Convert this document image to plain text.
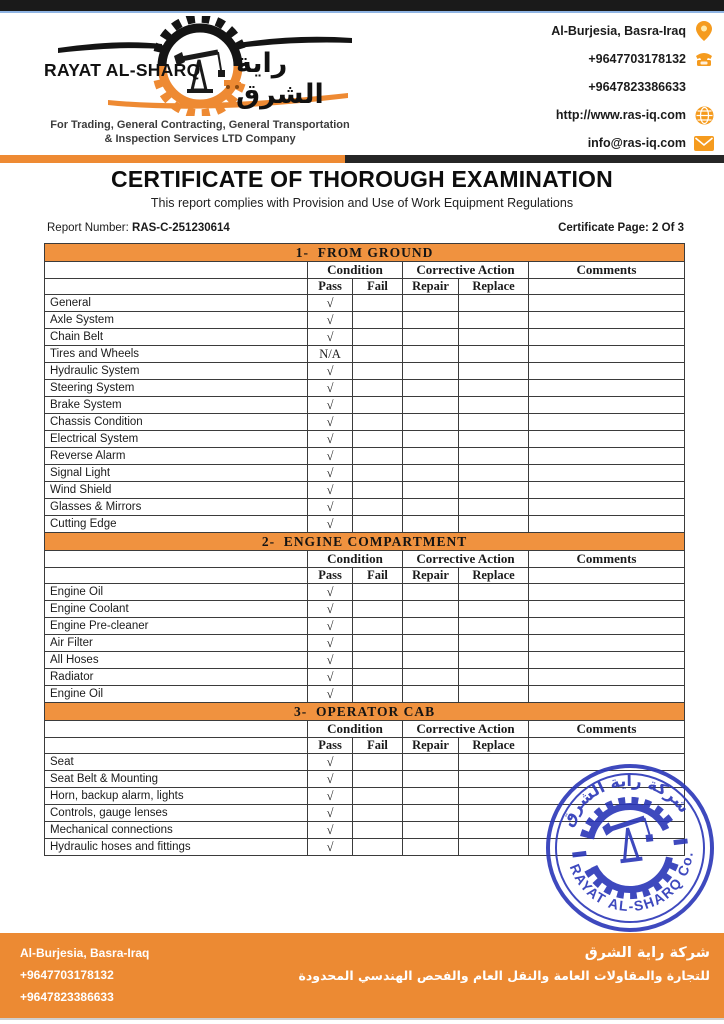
RAYAT AL-SHARQ راية الشرق
For Trading, General Contracting, General Transportation
& Inspection Services LTD Company
Al-Burjesia, Basra-Iraq
+9647703178132
+9647823386633
http://www.ras-iq.com
info@ras-iq.com
CERTIFICATE OF THOROUGH EXAMINATION
This report complies with Provision and Use of Work Equipment Regulations
Report Number: RAS-C-251230614	Certificate Page: 2 Of 3
1-  FROM GROUND					
	Condition		Corrective Action		Comments
	Pass	Fail	Repair	Replace	
General	√				
Axle System	√				
Chain Belt	√				
Tires and Wheels	N/A				
Hydraulic System	√				
Steering System	√				
Brake System	√				
Chassis Condition	√				
Electrical System	√				
Reverse Alarm	√				
Signal Light	√				
Wind Shield	√				
Glasses & Mirrors	√				
Cutting Edge	√				
2-  ENGINE COMPARTMENT					
	Condition		Corrective Action		Comments
	Pass	Fail	Repair	Replace	
Engine Oil	√				
Engine Coolant	√				
Engine Pre-cleaner	√				
Air Filter	√				
All Hoses	√				
Radiator	√				
Engine Oil	√				
3-  OPERATOR CAB					
	Condition		Corrective Action		Comments
	Pass	Fail	Repair	Replace	
Seat	√				
Seat Belt & Mounting	√				
Horn, backup alarm, lights	√				
Controls, gauge lenses	√				
Mechanical connections	√				
Hydraulic hoses and fittings	√				
شركة راية الشرق
RAYAT AL-SHARQ Co.
Al-Burjesia, Basra-Iraq
+9647703178132
+9647823386633
شركة راية الشرق
للتجارة والمقاولات العامة والنقل العام والفحص الهندسي المحدودة
